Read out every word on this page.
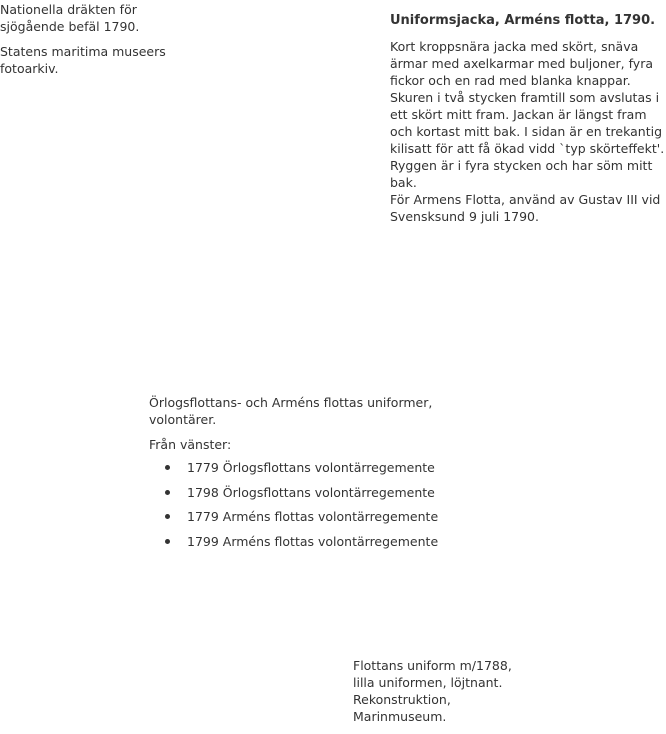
Nationella dräkten för sjögående befäl 1790.

Statens maritima museers fotoarkiv.

Uniformsjacka, Arméns flotta, 1790.

Kort kroppsnära jacka med skört, snäva ärmar med axelkarmar med buljoner, fyra fickor och en rad med blanka knappar. Skuren i två stycken framtill som avslutas i ett skört mitt fram. Jackan är längst fram och kortast mitt bak. I sidan är en trekantig kilisatt för att få ökad vidd `typ skörteffekt'. Ryggen är i fyra stycken och har söm mitt bak.
För Armens Flotta, använd av Gustav III vid Svensksund 9 juli 1790.

Örlogsflottans- och Arméns flottas uniformer, volontärer.

Från vänster:

1779 Örlogsflottans volontärregemente
1798 Örlogsflottans volontärregemente
1779 Arméns flottas volontärregemente
1799 Arméns flottas volontärregemente
Flottans uniform m/1788,
lilla uniformen, löjtnant.
Rekonstruktion,
Marinmuseum.
